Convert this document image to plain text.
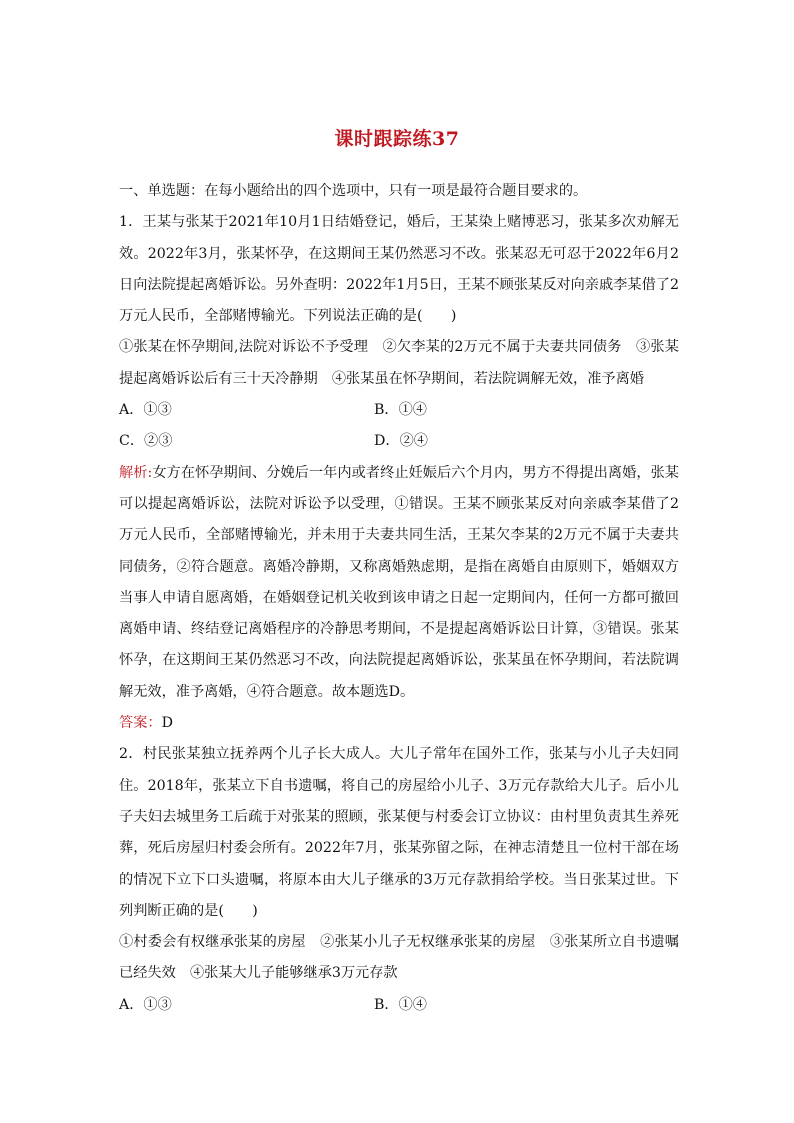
课时跟踪练37

一、单选题：在每小题给出的四个选项中，只有一项是最符合题目要求的。

1．王某与张某于2021年10月1日结婚登记，婚后，王某染上赌博恶习，张某多次劝解无效。2022年3月，张某怀孕，在这期间王某仍然恶习不改。张某忍无可忍于2022年6月2日向法院提起离婚诉讼。另外查明：2022年1月5日，王某不顾张某反对向亲戚李某借了2万元人民币，全部赌博输光。下列说法正确的是(　　)

①张某在怀孕期间,法院对诉讼不予受理　②欠李某的2万元不属于夫妻共同债务　③张某提起离婚诉讼后有三十天冷静期　④张某虽在怀孕期间，若法院调解无效，准予离婚

A．①③	B．①④
C．②③	D．②④

解析:女方在怀孕期间、分娩后一年内或者终止妊娠后六个月内，男方不得提出离婚，张某可以提起离婚诉讼，法院对诉讼予以受理，①错误。王某不顾张某反对向亲戚李某借了2万元人民币，全部赌博输光，并未用于夫妻共同生活，王某欠李某的2万元不属于夫妻共同债务，②符合题意。离婚冷静期，又称离婚熟虑期，是指在离婚自由原则下，婚姻双方当事人申请自愿离婚，在婚姻登记机关收到该申请之日起一定期间内，任何一方都可撤回离婚申请、终结登记离婚程序的冷静思考期间，不是提起离婚诉讼日计算，③错误。张某怀孕，在这期间王某仍然恶习不改，向法院提起离婚诉讼，张某虽在怀孕期间，若法院调解无效，准予离婚，④符合题意。故本题选D。

答案：D

2．村民张某独立抚养两个儿子长大成人。大儿子常年在国外工作，张某与小儿子夫妇同住。2018年，张某立下自书遗嘱，将自己的房屋给小儿子、3万元存款给大儿子。后小儿子夫妇去城里务工后疏于对张某的照顾，张某便与村委会订立协议：由村里负责其生养死葬，死后房屋归村委会所有。2022年7月，张某弥留之际，在神志清楚且一位村干部在场的情况下立下口头遗嘱，将原本由大儿子继承的3万元存款捐给学校。当日张某过世。下列判断正确的是(　　)

①村委会有权继承张某的房屋　②张某小儿子无权继承张某的房屋　③张某所立自书遗嘱已经失效　④张某大儿子能够继承3万元存款

A．①③	B．①④
